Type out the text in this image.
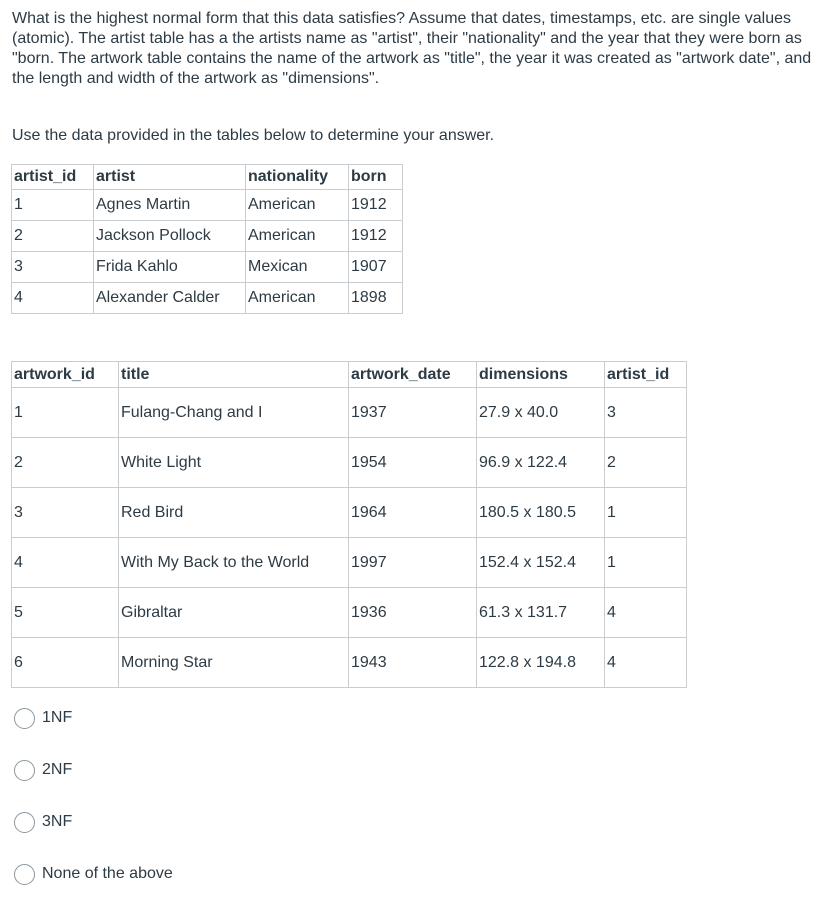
What is the highest normal form that this data satisfies? Assume that dates, timestamps, etc. are single values (atomic). The artist table has a the artists name as "artist", their "nationality" and the year that they were born as "born. The artwork table contains the name of the artwork as "title", the year it was created as "artwork date", and the length and width of the artwork as "dimensions".

Use the data provided in the tables below to determine your answer.

artist_id	artist	nationality	born
1	Agnes Martin	American	1912
2	Jackson Pollock	American	1912
3	Frida Kahlo	Mexican	1907
4	Alexander Calder	American	1898
artwork_id	title	artwork_date	dimensions	artist_id
1	Fulang-Chang and I	1937	27.9 x 40.0	3
2	White Light	1954	96.9 x 122.4	2
3	Red Bird	1964	180.5 x 180.5	1
4	With My Back to the World	1997	152.4 x 152.4	1
5	Gibraltar	1936	61.3 x 131.7	4
6	Morning Star	1943	122.8 x 194.8	4
1NF
2NF
3NF
None of the above
